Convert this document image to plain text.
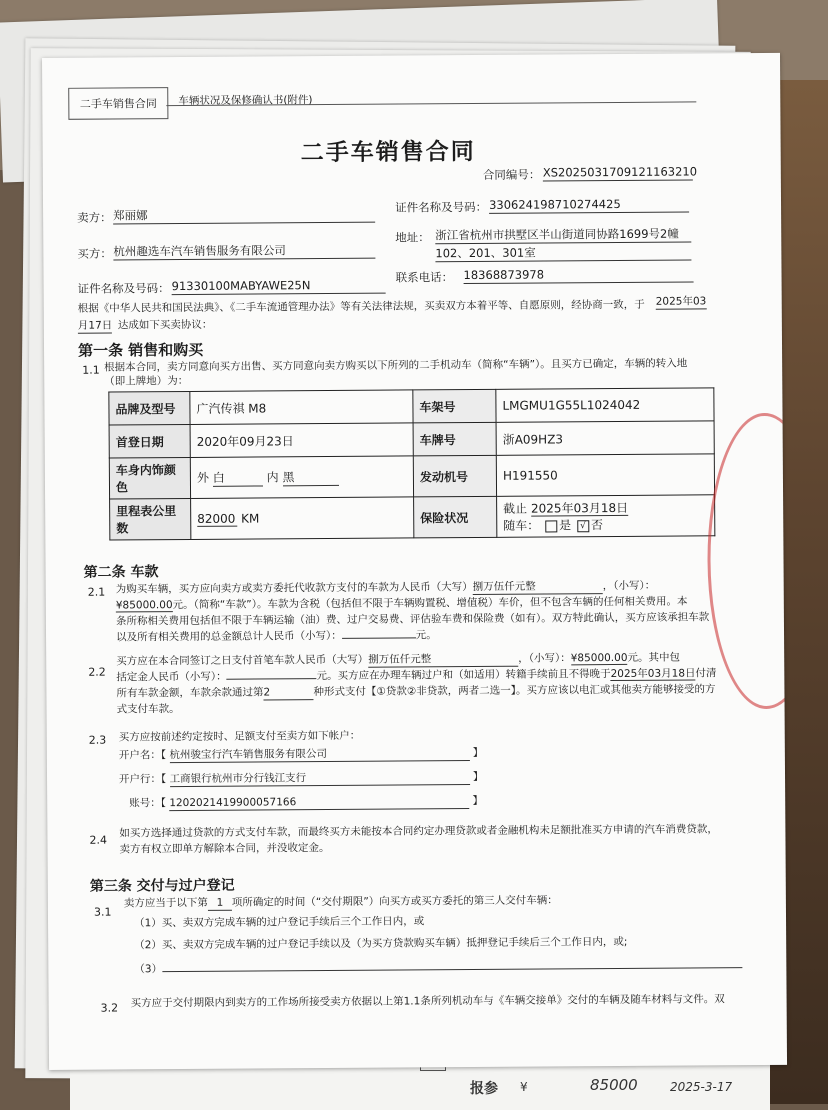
报参 ¥	85000	2025-3-17
二手车销售合同	车辆状况及保修确认书(附件)
二手车销售合同
合同编号： XS202503170912116321​0
卖方： 郑丽娜
证件名称及号码： 330624198710274425
买方： 杭州趣选车汽车销售服务有限公司
地址： 浙江省杭州市拱墅区半山街道同协路1699号2幢
102、201、301室
证件名称及号码： 91330100MABYAWE25N
联系电话： 18368873978
根据《中华人民共和国民法典》、《二手车流通管理办法》等有关法律法规，买卖双方本着平等、自愿原则，经协商一致，于 2025年03
月17日 达成如下买卖协议：
第一条 销售和购买
1.1 根据本合同，卖方同意向买方出售、买方同意向卖方购买以下所列的二手机动车（简称“车辆”）。且买方已确定，车辆的转入地
（即上牌地）为：
品牌及型号	广汽传祺 M8	车架号	LMGMU1G55L1024042
首登日期	2020年09月23日	车牌号	浙A09HZ3
车身内饰颜色	外 白 内 黑	发动机号	H191550
里程表公里数	82000 KM	保险状况	截止 2025年03月18日
随车： 是 √ 否
第二条 车款
2.1 为购买车辆，买方应向卖方或卖方委托代收款方支付的车款为人民币（大写）捌万伍仟元整	，（小写）：
¥85000.00元。（简称“车款”）。车款为含税（包括但不限于车辆购置税、增值税）车价，但不包含车辆的任何相关费用。本
条所称相关费用包括但不限于车辆运输（油）费、过户交易费、评估验车费和保险费（如有）。双方特此确认，买方应该承担车款
以及所有相关费用的总金额总计人民币（小写）：	元。
2.2
买方应在本合同签订之日支付首笔车款人民币（大写）捌万伍仟元整	，（小写）：¥85000.00元。其中包
括定金人民币（小写）：	元。买方应在办理车辆过户和（如适用）转籍手续前且不得晚于2025年03月18日付清
所有车款金额，车款余款通过第2	种形式支付【①贷款②非贷款，两者二选一】。买方应该以电汇或其他卖方能够接受的方
式支付车款。
2.3 买方应按前述约定按时、足额支付至卖方如下帐户：
开户名：【 杭州骏宝行汽车销售服务有限公司	】
开户行：【 工商银行杭州市分行钱江支行	】
账号：【 1202021419900057166	】
2.4
如买方选择通过贷款的方式支付车款，而最终买方未能按本合同约定办理贷款或者金融机构未足额批准买方申请的汽车消费贷款，
卖方有权立即单方解除本合同，并没收定金。
第三条 交付与过户登记
3.1
卖方应当于以下第 1 项所确定的时间（“交付期限”）向买方或买方委托的第三人交付车辆：
（1）买、卖双方完成车辆的过户登记手续后三个工作日内，或
（2）买、卖双方完成车辆的过户登记手续以及（为买方贷款购买车辆）抵押登记手续后三个工作日内，或;
（3）
3.2 买方应于交付期限内到卖方的工作场所接受卖方依据以上第1.1条所列机动车与《车辆交接单》交付的车辆及随车材料与文件。双
